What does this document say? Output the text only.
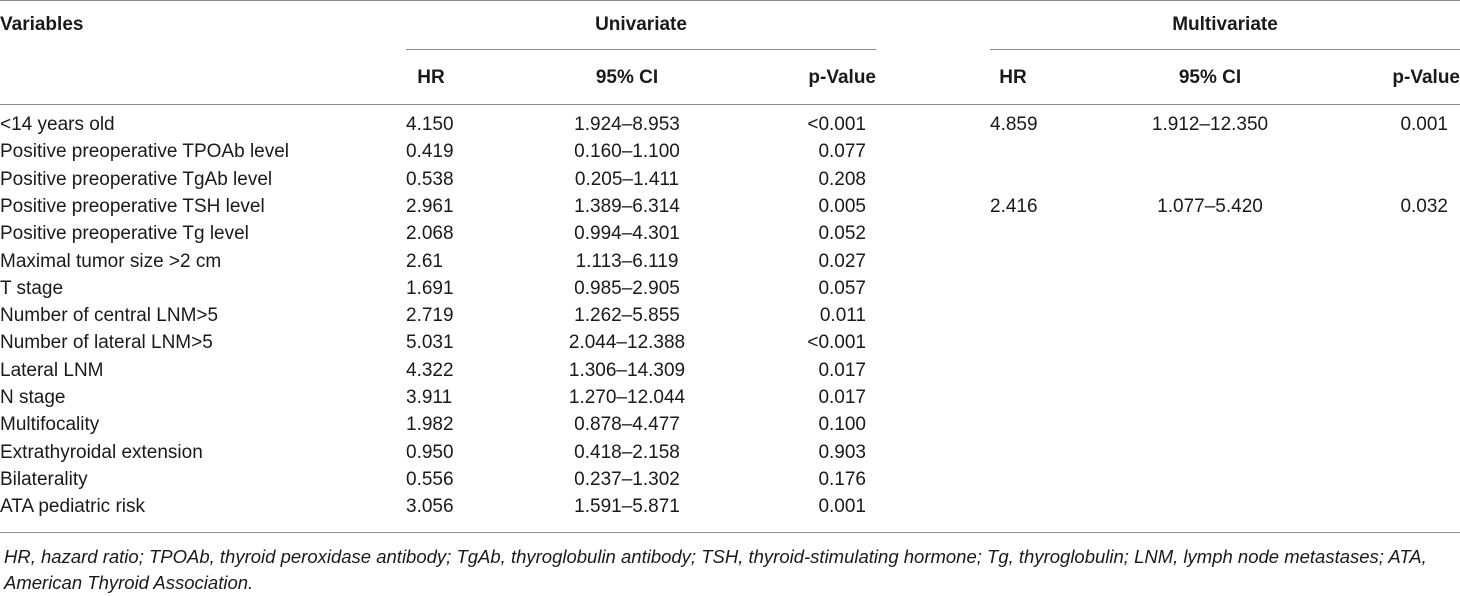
Variables	Univariate	Multivariate
HR	95% CI	p-Value	HR	95% CI	p-Value
<14 years old	4.150	1.924–8.953	<0.001	4.859	1.912–12.350	0.001
Positive preoperative TPOAb level	0.419	0.160–1.100	0.077
Positive preoperative TgAb level	0.538	0.205–1.411	0.208
Positive preoperative TSH level	2.961	1.389–6.314	0.005	2.416	1.077–5.420	0.032
Positive preoperative Tg level	2.068	0.994–4.301	0.052
Maximal tumor size >2 cm	2.61	1.113–6.119	0.027
T stage	1.691	0.985–2.905	0.057
Number of central LNM>5	2.719	1.262–5.855	0.011
Number of lateral LNM>5	5.031	2.044–12.388	<0.001
Lateral LNM	4.322	1.306–14.309	0.017
N stage	3.911	1.270–12.044	0.017
Multifocality	1.982	0.878–4.477	0.100
Extrathyroidal extension	0.950	0.418–2.158	0.903
Bilaterality	0.556	0.237–1.302	0.176
ATA pediatric risk	3.056	1.591–5.871	0.001
HR, hazard ratio; TPOAb, thyroid peroxidase antibody; TgAb, thyroglobulin antibody; TSH, thyroid-stimulating hormone; Tg, thyroglobulin; LNM, lymph node metastases; ATA, American Thyroid Association.
